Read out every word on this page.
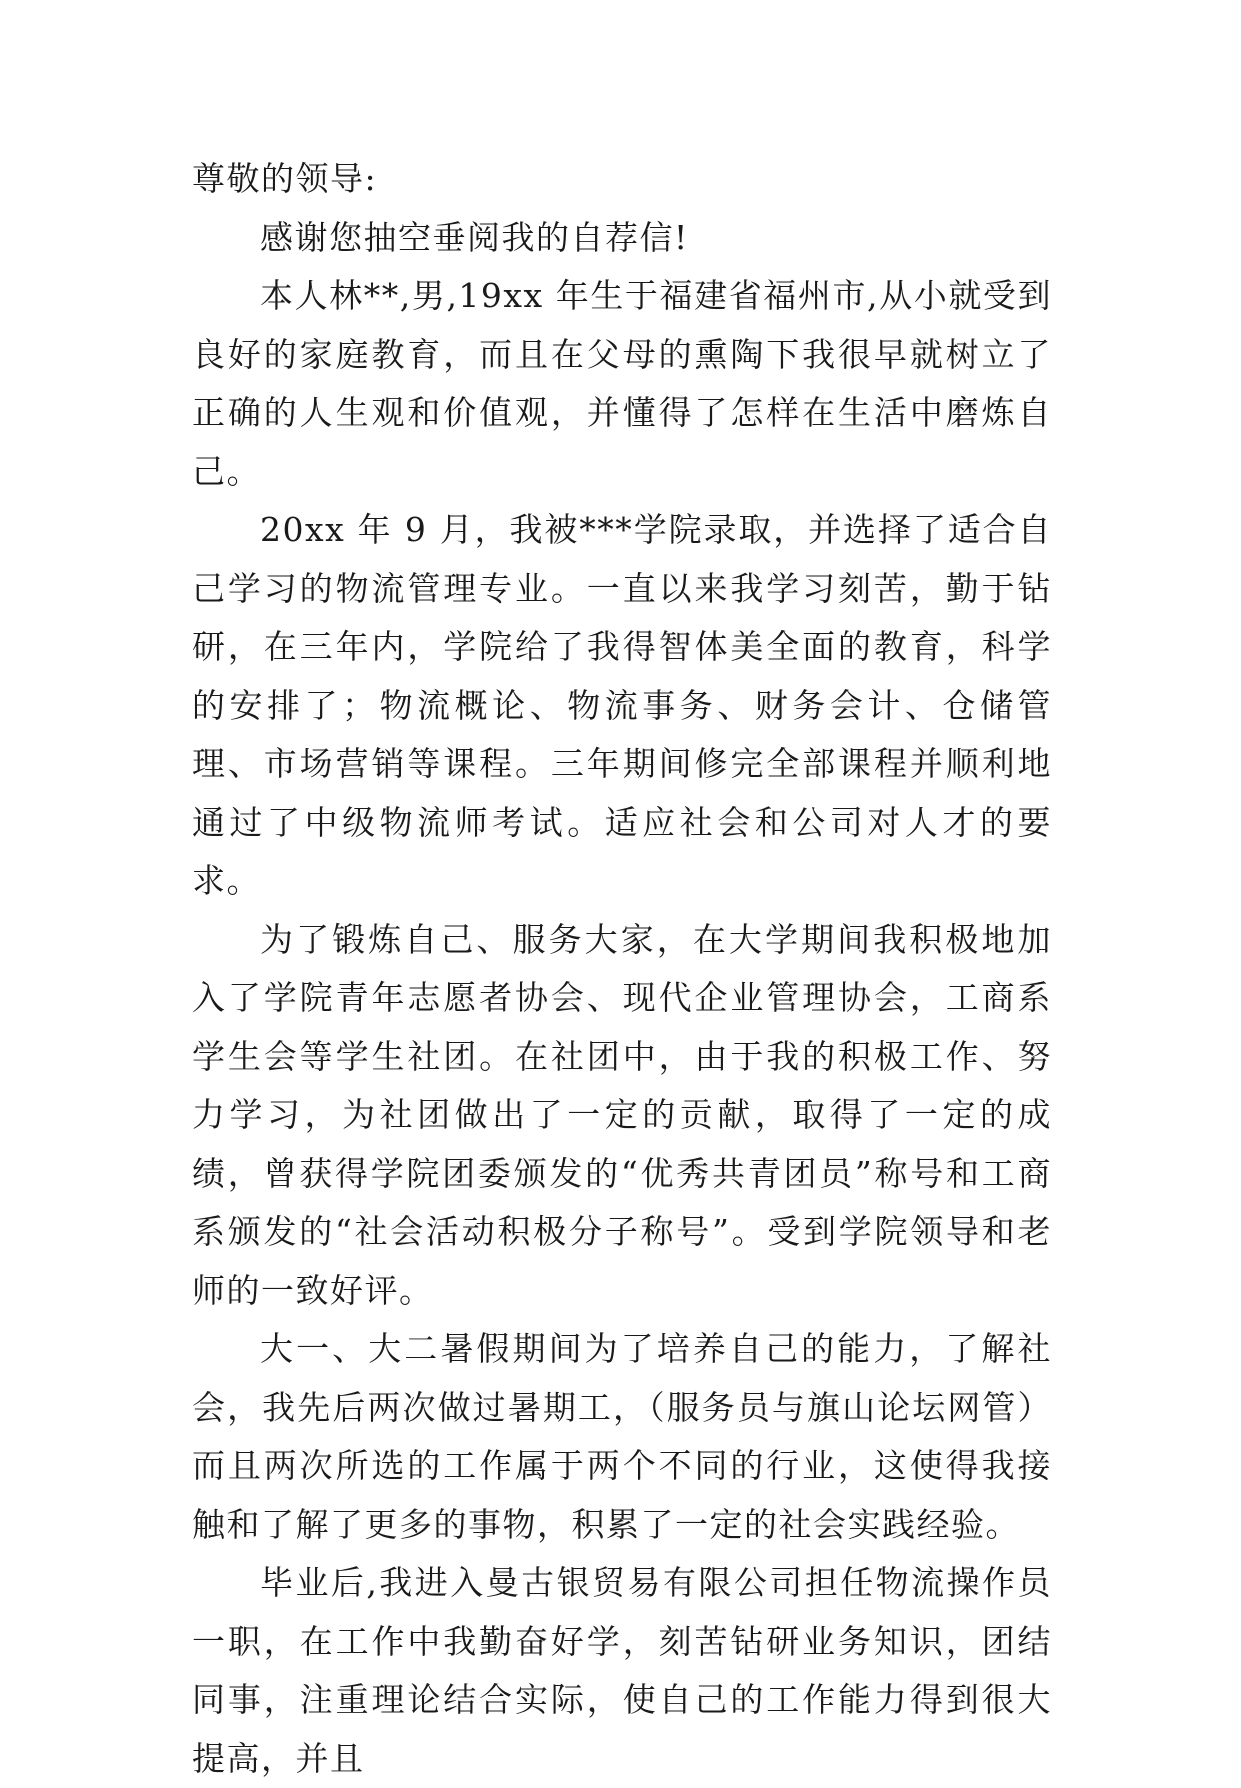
尊敬的领导:

感谢您抽空垂阅我的自荐信!

本人林**,男,19xx 年生于福建省福州市,从小就受到良好的家庭教育，而且在父母的熏陶下我很早就树立了正确的人生观和价值观，并懂得了怎样在生活中磨炼自己。

20xx 年 9 月，我被***学院录取，并选择了适合自己学习的物流管理专业。一直以来我学习刻苦，勤于钻研，在三年内，学院给了我得智体美全面的教育，科学的安排了；物流概论、物流事务、财务会计、仓储管理、市场营销等课程。三年期间修完全部课程并顺利地通过了中级物流师考试。适应社会和公司对人才的要求。

为了锻炼自己、服务大家，在大学期间我积极地加入了学院青年志愿者协会、现代企业管理协会，工商系学生会等学生社团。在社团中，由于我的积极工作、努力学习，为社团做出了一定的贡献，取得了一定的成绩，曾获得学院团委颁发的“优秀共青团员”称号和工商系颁发的“社会活动积极分子称号”。受到学院领导和老师的一致好评。

大一、大二暑假期间为了培养自己的能力，了解社会，我先后两次做过暑期工，（服务员与旗山论坛网管）而且两次所选的工作属于两个不同的行业，这使得我接触和了解了更多的事物，积累了一定的社会实践经验。

毕业后,我进入曼古银贸易有限公司担任物流操作员一职，在工作中我勤奋好学，刻苦钻研业务知识，团结同事，注重理论结合实际，使自己的工作能力得到很大提高，并且
